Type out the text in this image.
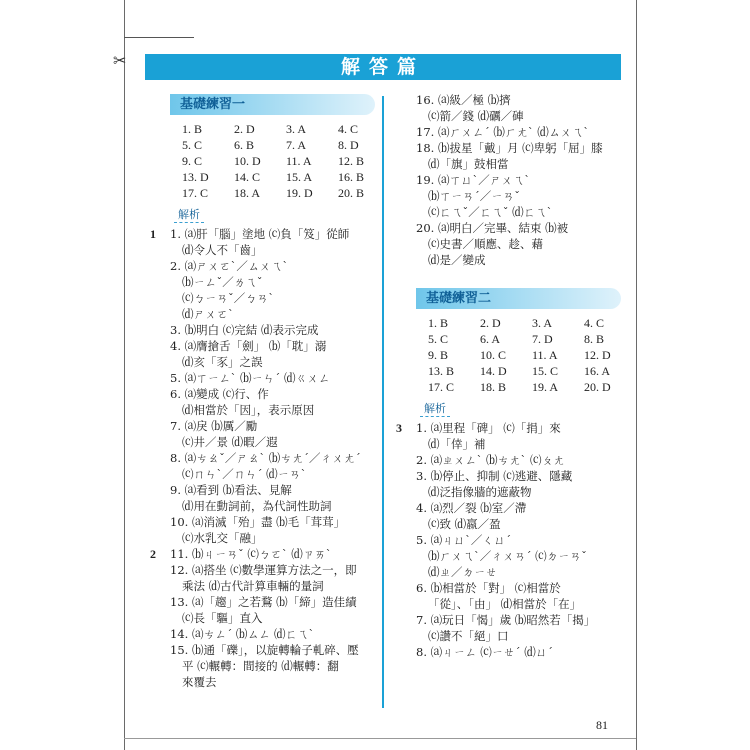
✂	解答篇
基礎練習一
1. B	2. D	3. A	4. C
5. C	6. B	7. A	8. D
9. C	10. D	11. A	12. B
13. D	14. C	15. A	16. B
17. C	18. A	19. D	20. B
解析
1
2
1. ⒜肝「腦」塗地 ⒞負「笈」從師
⒟令人不「齒」
2. ⒜ㄕㄨㄛˋ／ㄙㄨㄟˋ
⒝ㄧㄥˇ／ㄌㄟˇ
⒞ㄅㄧㄢˇ／ㄅㄢˋ
⒟ㄕㄨㄛˋ
3. ⒝明白 ⒞完結 ⒟表示完成
4. ⒜膺搶舌「劍」 ⒝「耽」溺
⒟亥「豕」之誤
5. ⒜ㄒㄧㄥˋ ⒝ㄧㄣˊ ⒟ㄍㄨㄥ
6. ⒜變成 ⒞行、作
⒟相當於「因」，表示原因
7. ⒜戾 ⒝厲／勵
⒞井／景 ⒟暇／遐
8. ⒜ㄘㄠˇ／ㄕㄠˋ ⒝ㄘㄤˊ／ㄔㄨㄤˊ
⒞ㄇㄣˋ／ㄇㄣˊ ⒟ㄧㄢˋ
9. ⒜看到 ⒝看法、見解
⒟用在動詞前，為代詞性助詞
10. ⒜消滅「殆」盡 ⒝毛「茸茸」
⒞水乳交「融」
11. ⒝ㄐㄧㄢˇ ⒞ㄅㄛˋ ⒟ㄗㄞˋ
12. ⒜搭坐 ⒞數學運算方法之一，即
乘法 ⒟古代計算車輛的量詞
13. ⒜「趨」之若鶩 ⒝「締」造佳績
⒞長「驅」直入
14. ⒜ㄘㄥˊ ⒝ㄙㄥ ⒟ㄈㄟˋ
15. ⒝通「礫」，以旋轉輪子軋碎、壓
平 ⒞輾轉：間接的 ⒟輾轉：翻
來覆去
16. ⒜級／極 ⒝擠
⒞箭／錢 ⒟礪／硨
17. ⒜ㄏㄨㄥˊ ⒝ㄏㄤˋ ⒟ㄙㄨㄟˋ
18. ⒝拔星「戴」月 ⒞卑躬「屈」膝
⒟「旗」鼓相當
19. ⒜ㄒㄩˋ／ㄕㄨㄟˋ
⒝ㄒㄧㄢˊ／ㄧㄢˇ
⒞ㄈㄟˇ／ㄈㄟˇ ⒟ㄈㄟˋ
20. ⒜明白／完畢、結束 ⒝被
⒞史書／順應、趁、藉
⒟是／變成
基礎練習二
1. B	2. D	3. A	4. C
5. C	6. A	7. D	8. B
9. B	10. C	11. A	12. D
13. B	14. D	15. C	16. A
17. C	18. B	19. A	20. D
解析
3 1. ⒜里程「碑」 ⒞「捐」來
⒟「倖」補
2. ⒜ㄓㄨㄥˋ ⒝ㄘㄤˋ ⒞ㄆㄤ
3. ⒝停止、抑制 ⒞逃避、隱藏
⒟泛指像牆的遮蔽物
4. ⒜烈／裂 ⒝室／滯
⒞致 ⒟嬴／盈
5. ⒜ㄐㄩˋ／ㄑㄩˊ
⒝ㄏㄨㄟˋ／ㄔㄨㄢˊ ⒞ㄉㄧㄢˇ
⒟ㄓ／ㄉㄧㄝ
6. ⒝相當於「對」 ⒞相當於
「從」、「由」 ⒟相當於「在」
7. ⒜玩日「愒」歲 ⒝昭然若「揭」
⒞讚不「絕」口
8. ⒜ㄐㄧㄥ ⒞ㄧㄝˊ ⒟ㄩˊ
81
